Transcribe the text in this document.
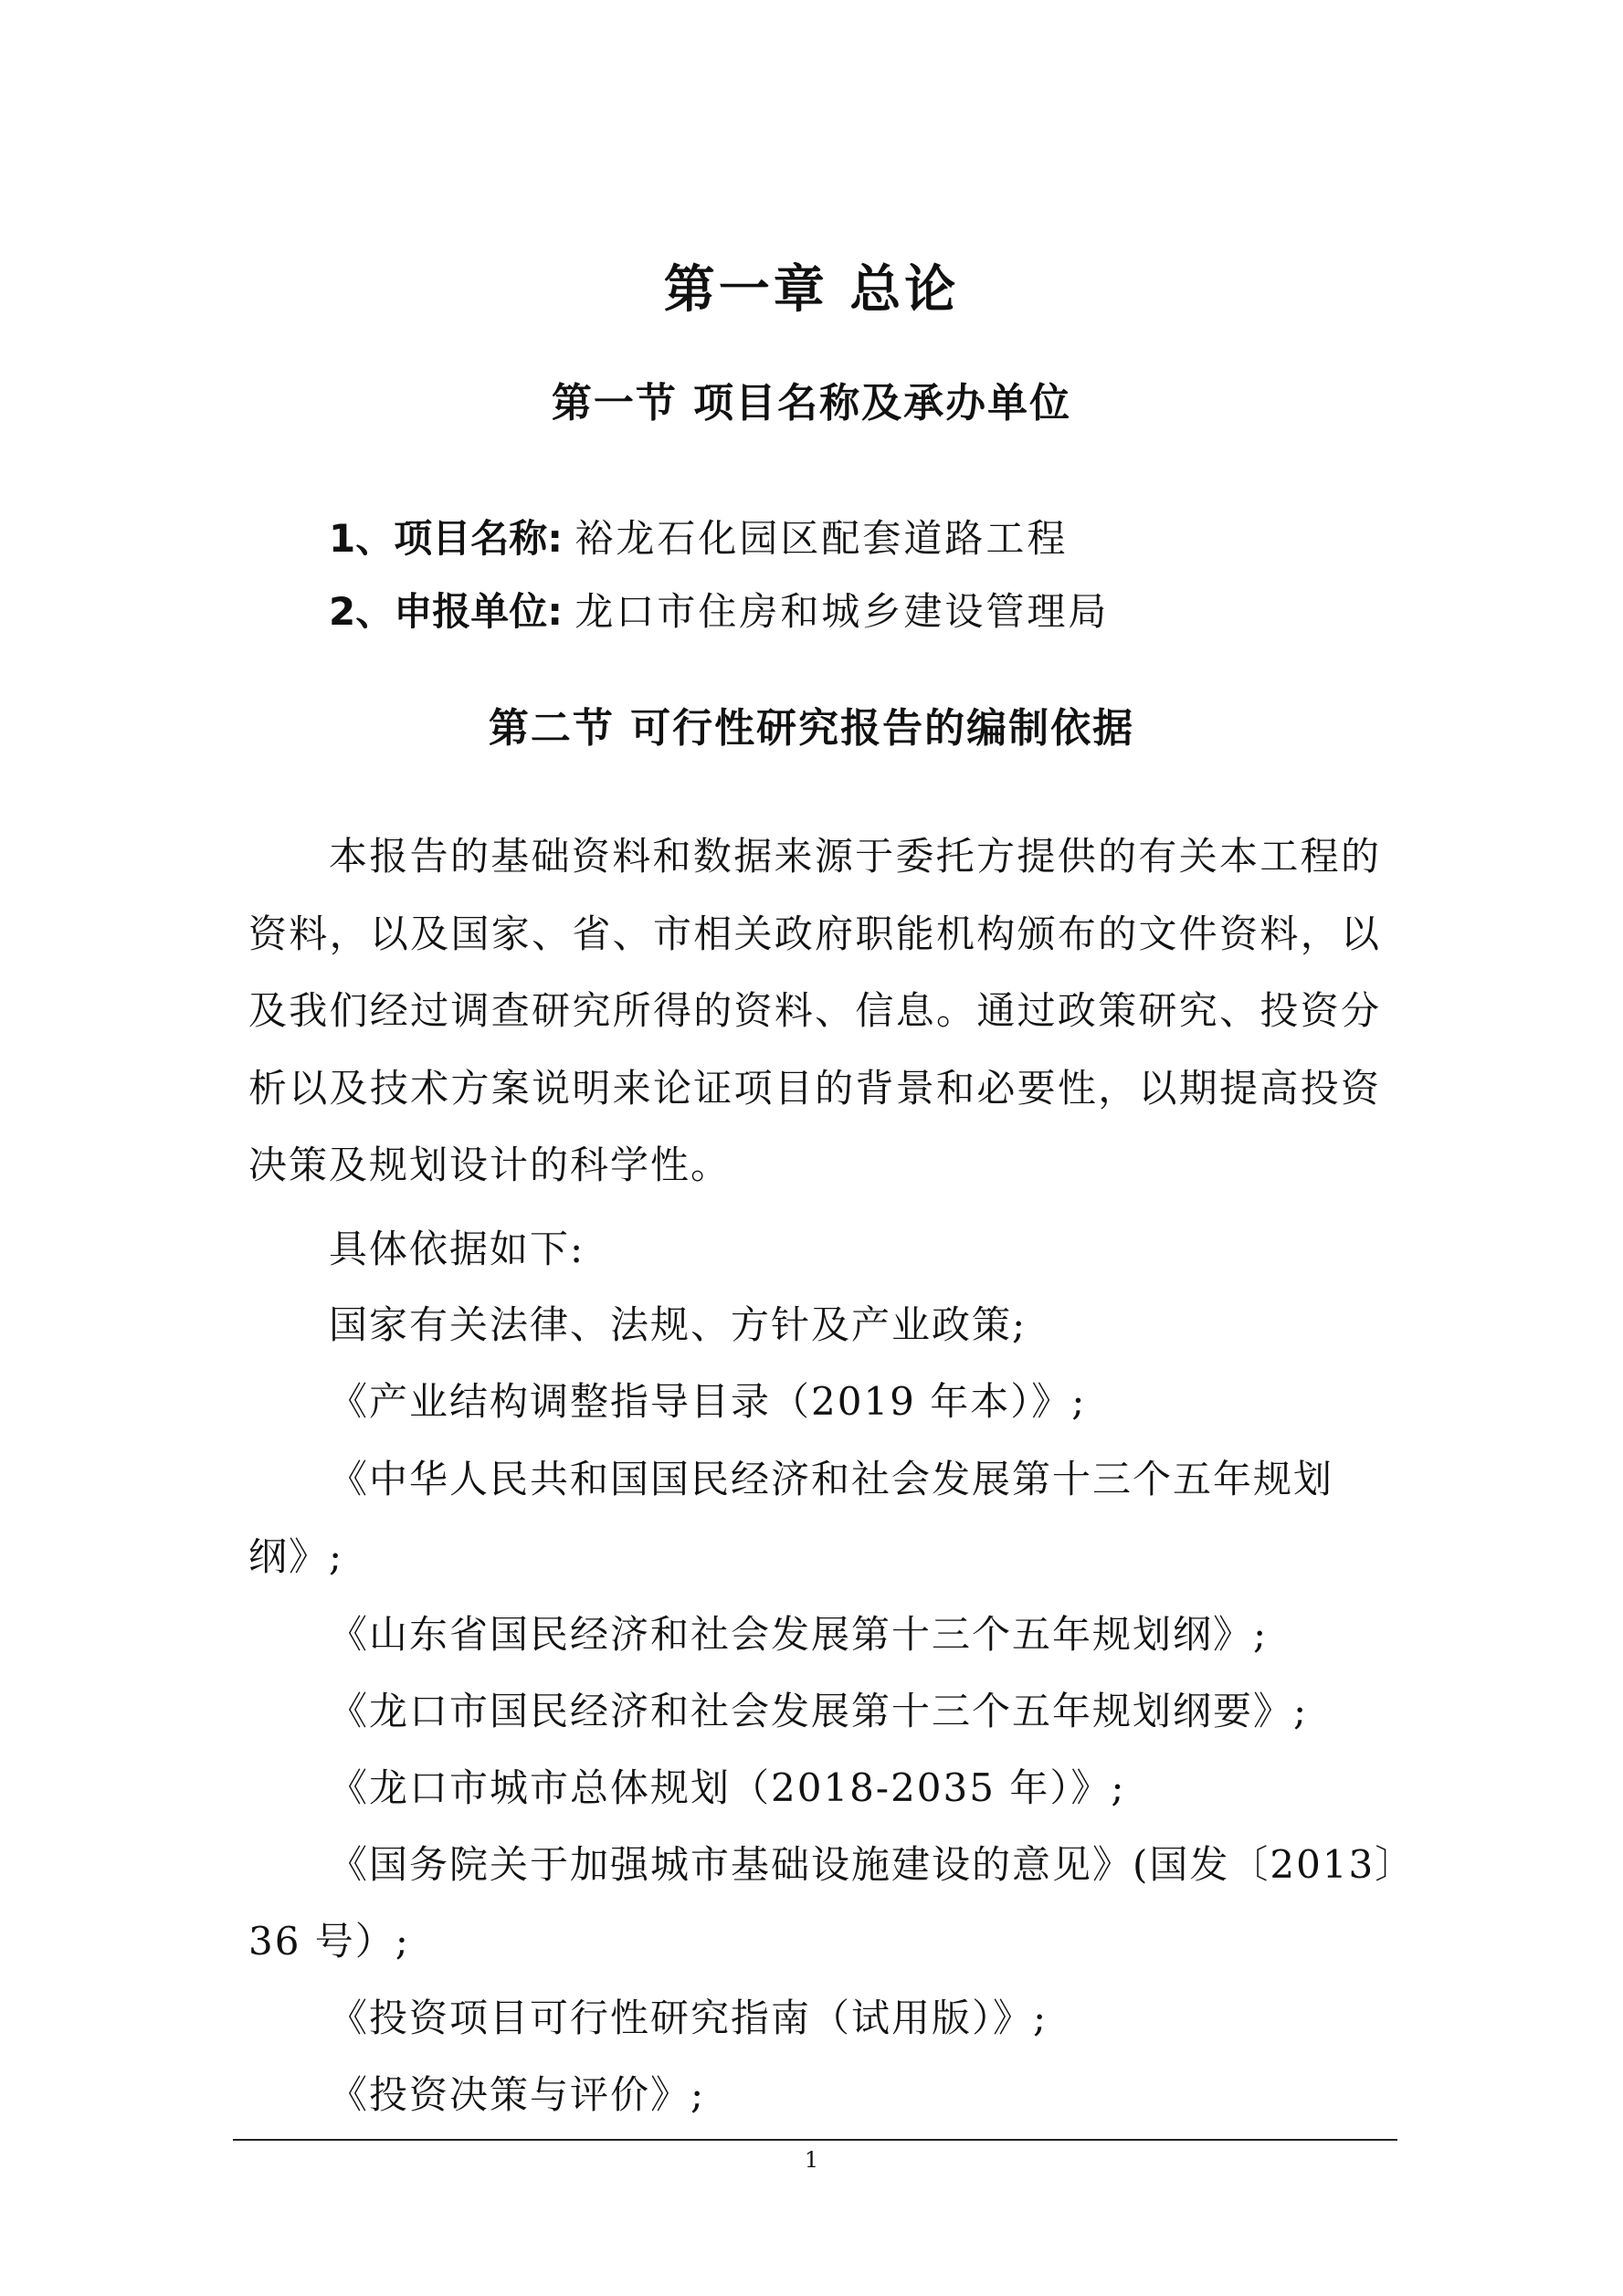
第一章 总论
第一节 项目名称及承办单位
1、项目名称: 裕龙石化园区配套道路工程
2、申报单位: 龙口市住房和城乡建设管理局
第二节 可行性研究报告的编制依据
本报告的基础资料和数据来源于委托方提供的有关本工程的资料，以及国家、省、市相关政府职能机构颁布的文件资料，以及我们经过调查研究所得的资料、信息。通过政策研究、投资分析以及技术方案说明来论证项目的背景和必要性，以期提高投资决策及规划设计的科学性。
具体依据如下:
国家有关法律、法规、方针及产业政策;
《产业结构调整指导目录（2019 年本）》;
《中华人民共和国国民经济和社会发展第十三个五年规划
纲》;
《山东省国民经济和社会发展第十三个五年规划纲》;
《龙口市国民经济和社会发展第十三个五年规划纲要》;
《龙口市城市总体规划（2018-2035 年）》;
《国务院关于加强城市基础设施建设的意见》(国发〔2013〕
36 号）;
《投资项目可行性研究指南（试用版）》;
《投资决策与评价》;
1
